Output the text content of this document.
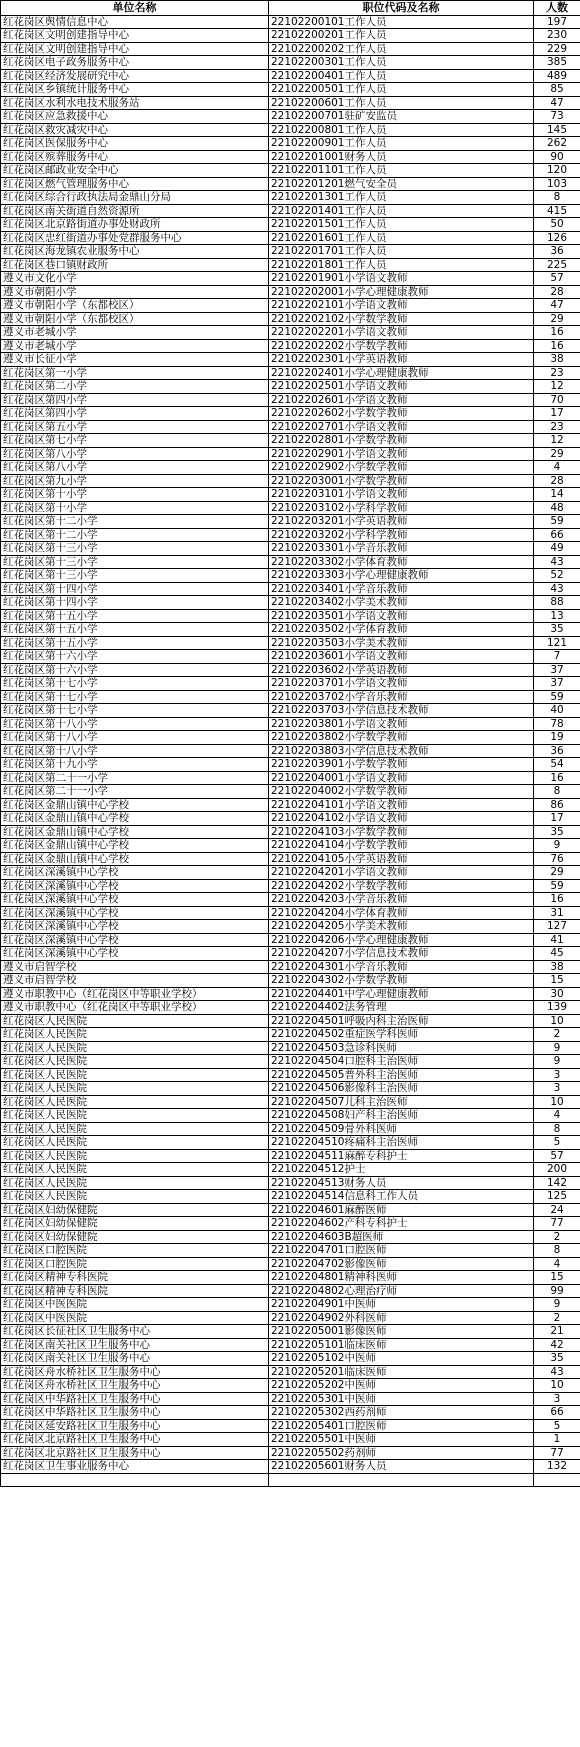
单位名称	职位代码及名称	人数
红花岗区舆情信息中心	22102200101工作人员	197
红花岗区文明创建指导中心	22102200201工作人员	230
红花岗区文明创建指导中心	22102200202工作人员	229
红花岗区电子政务服务中心	22102200301工作人员	385
红花岗区经济发展研究中心	22102200401工作人员	489
红花岗区乡镇统计服务中心	22102200501工作人员	85
红花岗区水利水电技术服务站	22102200601工作人员	47
红花岗区应急救援中心	22102200701驻矿安监员	73
红花岗区救灾减灾中心	22102200801工作人员	145
红花岗区医保服务中心	22102200901工作人员	262
红花岗区殡葬服务中心	22102201001财务人员	90
红花岗区邮政业安全中心	22102201101工作人员	120
红花岗区燃气管理服务中心	22102201201燃气安全员	103
红花岗区综合行政执法局金鼎山分局	22102201301工作人员	8
红花岗区南关街道自然资源所	22102201401工作人员	415
红花岗区北京路街道办事处财政所	22102201501工作人员	50
红花岗区忠红街道办事处党群服务中心	22102201601工作人员	126
红花岗区海龙镇农业服务中心	22102201701工作人员	36
红花岗区巷口镇财政所	22102201801工作人员	225
遵义市文化小学	22102201901小学语文教师	57
遵义市朝阳小学	22102202001小学心理健康教师	28
遵义市朝阳小学（东都校区）	22102202101小学语文教师	47
遵义市朝阳小学（东都校区）	22102202102小学数学教师	29
遵义市老城小学	22102202201小学语文教师	16
遵义市老城小学	22102202202小学数学教师	16
遵义市长征小学	22102202301小学英语教师	38
红花岗区第一小学	22102202401小学心理健康教师	23
红花岗区第二小学	22102202501小学语文教师	12
红花岗区第四小学	22102202601小学语文教师	70
红花岗区第四小学	22102202602小学数学教师	17
红花岗区第五小学	22102202701小学语文教师	23
红花岗区第七小学	22102202801小学数学教师	12
红花岗区第八小学	22102202901小学语文教师	29
红花岗区第八小学	22102202902小学数学教师	4
红花岗区第九小学	22102203001小学数学教师	28
红花岗区第十小学	22102203101小学语文教师	14
红花岗区第十小学	22102203102小学科学教师	48
红花岗区第十二小学	22102203201小学英语教师	59
红花岗区第十二小学	22102203202小学科学教师	66
红花岗区第十三小学	22102203301小学音乐教师	49
红花岗区第十三小学	22102203302小学体育教师	43
红花岗区第十三小学	22102203303小学心理健康教师	52
红花岗区第十四小学	22102203401小学音乐教师	43
红花岗区第十四小学	22102203402小学美术教师	88
红花岗区第十五小学	22102203501小学语文教师	13
红花岗区第十五小学	22102203502小学体育教师	35
红花岗区第十五小学	22102203503小学美术教师	121
红花岗区第十六小学	22102203601小学语文教师	7
红花岗区第十六小学	22102203602小学英语教师	37
红花岗区第十七小学	22102203701小学语文教师	37
红花岗区第十七小学	22102203702小学音乐教师	59
红花岗区第十七小学	22102203703小学信息技术教师	40
红花岗区第十八小学	22102203801小学语文教师	78
红花岗区第十八小学	22102203802小学数学教师	19
红花岗区第十八小学	22102203803小学信息技术教师	36
红花岗区第十九小学	22102203901小学数学教师	54
红花岗区第二十一小学	22102204001小学语文教师	16
红花岗区第二十一小学	22102204002小学数学教师	8
红花岗区金鼎山镇中心学校	22102204101小学语文教师	86
红花岗区金鼎山镇中心学校	22102204102小学语文教师	17
红花岗区金鼎山镇中心学校	22102204103小学数学教师	35
红花岗区金鼎山镇中心学校	22102204104小学数学教师	9
红花岗区金鼎山镇中心学校	22102204105小学英语教师	76
红花岗区深溪镇中心学校	22102204201小学语文教师	29
红花岗区深溪镇中心学校	22102204202小学数学教师	59
红花岗区深溪镇中心学校	22102204203小学音乐教师	16
红花岗区深溪镇中心学校	22102204204小学体育教师	31
红花岗区深溪镇中心学校	22102204205小学美术教师	127
红花岗区深溪镇中心学校	22102204206小学心理健康教师	41
红花岗区深溪镇中心学校	22102204207小学信息技术教师	45
遵义市启智学校	22102204301小学音乐教师	38
遵义市启智学校	22102204302小学数学教师	15
遵义市职教中心（红花岗区中等职业学校）	22102204401中学心理健康教师	30
遵义市职教中心（红花岗区中等职业学校）	22102204402法务管理	139
红花岗区人民医院	22102204501呼吸内科主治医师	10
红花岗区人民医院	22102204502重症医学科医师	2
红花岗区人民医院	22102204503急诊科医师	9
红花岗区人民医院	22102204504口腔科主治医师	9
红花岗区人民医院	22102204505普外科主治医师	3
红花岗区人民医院	22102204506影像科主治医师	3
红花岗区人民医院	22102204507儿科主治医师	10
红花岗区人民医院	22102204508妇产科主治医师	4
红花岗区人民医院	22102204509骨外科医师	8
红花岗区人民医院	22102204510疼痛科主治医师	5
红花岗区人民医院	22102204511麻醉专科护士	57
红花岗区人民医院	22102204512护士	200
红花岗区人民医院	22102204513财务人员	142
红花岗区人民医院	22102204514信息科工作人员	125
红花岗区妇幼保健院	22102204601麻醉医师	24
红花岗区妇幼保健院	22102204602产科专科护士	77
红花岗区妇幼保健院	22102204603B超医师	2
红花岗区口腔医院	22102204701口腔医师	8
红花岗区口腔医院	22102204702影像医师	4
红花岗区精神专科医院	22102204801精神科医师	15
红花岗区精神专科医院	22102204802心理治疗师	99
红花岗区中医医院	22102204901中医师	9
红花岗区中医医院	22102204902外科医师	2
红花岗区长征社区卫生服务中心	22102205001影像医师	21
红花岗区南关社区卫生服务中心	22102205101临床医师	42
红花岗区南关社区卫生服务中心	22102205102中医师	35
红花岗区舟水桥社区卫生服务中心	22102205201临床医师	43
红花岗区舟水桥社区卫生服务中心	22102205202中医师	10
红花岗区中华路社区卫生服务中心	22102205301中医师	3
红花岗区中华路社区卫生服务中心	22102205302西药剂师	66
红花岗区延安路社区卫生服务中心	22102205401口腔医师	5
红花岗区北京路社区卫生服务中心	22102205501中医师	1
红花岗区北京路社区卫生服务中心	22102205502药剂师	77
红花岗区卫生事业服务中心	22102205601财务人员	132
